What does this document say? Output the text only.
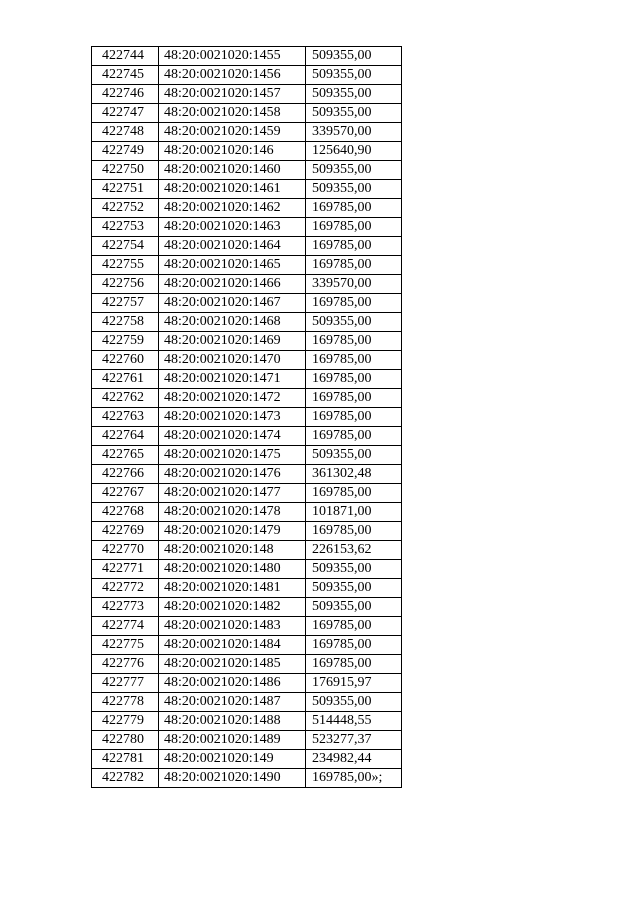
422744	48:20:0021020:1455	509355,00
422745	48:20:0021020:1456	509355,00
422746	48:20:0021020:1457	509355,00
422747	48:20:0021020:1458	509355,00
422748	48:20:0021020:1459	339570,00
422749	48:20:0021020:146	125640,90
422750	48:20:0021020:1460	509355,00
422751	48:20:0021020:1461	509355,00
422752	48:20:0021020:1462	169785,00
422753	48:20:0021020:1463	169785,00
422754	48:20:0021020:1464	169785,00
422755	48:20:0021020:1465	169785,00
422756	48:20:0021020:1466	339570,00
422757	48:20:0021020:1467	169785,00
422758	48:20:0021020:1468	509355,00
422759	48:20:0021020:1469	169785,00
422760	48:20:0021020:1470	169785,00
422761	48:20:0021020:1471	169785,00
422762	48:20:0021020:1472	169785,00
422763	48:20:0021020:1473	169785,00
422764	48:20:0021020:1474	169785,00
422765	48:20:0021020:1475	509355,00
422766	48:20:0021020:1476	361302,48
422767	48:20:0021020:1477	169785,00
422768	48:20:0021020:1478	101871,00
422769	48:20:0021020:1479	169785,00
422770	48:20:0021020:148	226153,62
422771	48:20:0021020:1480	509355,00
422772	48:20:0021020:1481	509355,00
422773	48:20:0021020:1482	509355,00
422774	48:20:0021020:1483	169785,00
422775	48:20:0021020:1484	169785,00
422776	48:20:0021020:1485	169785,00
422777	48:20:0021020:1486	176915,97
422778	48:20:0021020:1487	509355,00
422779	48:20:0021020:1488	514448,55
422780	48:20:0021020:1489	523277,37
422781	48:20:0021020:149	234982,44
422782	48:20:0021020:1490	169785,00»;
